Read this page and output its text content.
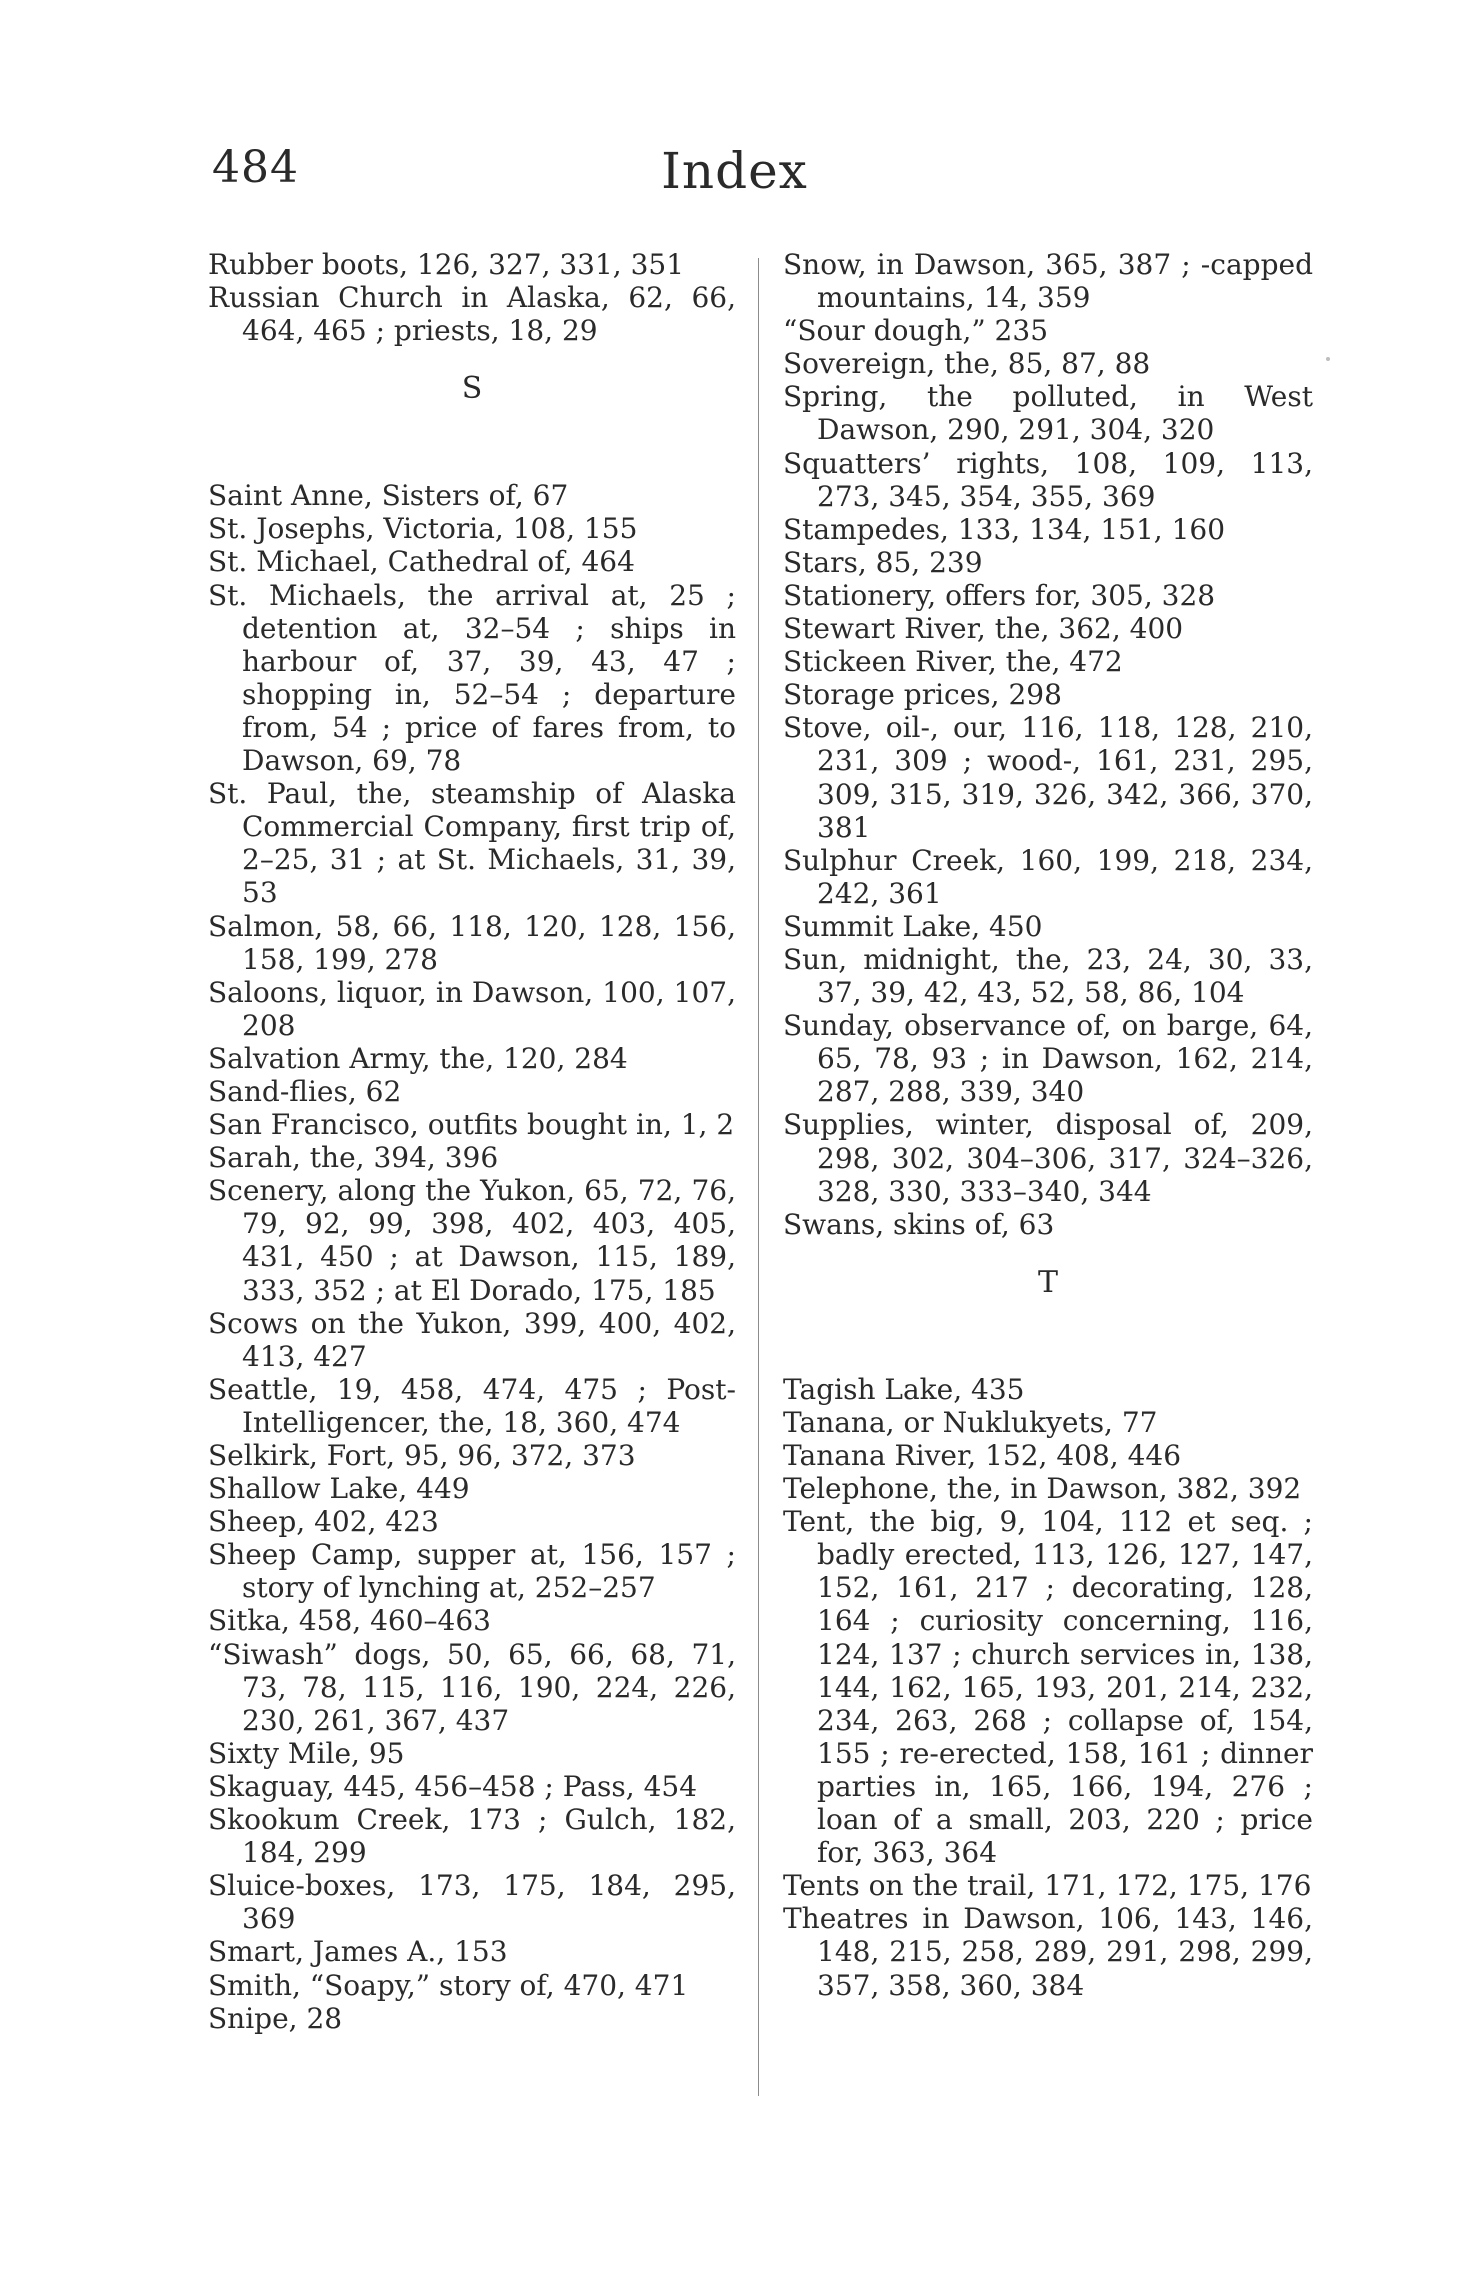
484	Index
Rubber boots, 126, 327, 331, 351
Russian Church in Alaska, 62, 66, 464, 465 ; priests, 18, 29
S
Saint Anne, Sisters of, 67
St. Josephs, Victoria, 108, 155
St. Michael, Cathedral of, 464
St. Michaels, the arrival at, 25 ; detention at, 32–54 ; ships in harbour of, 37, 39, 43, 47 ; shopping in, 52–54 ; departure from, 54 ; price of fares from, to Dawson, 69, 78
St. Paul, the, steamship of Alaska Commercial Company, first trip of, 2–25, 31 ; at St. Michaels, 31, 39, 53
Salmon, 58, 66, 118, 120, 128, 156, 158, 199, 278
Saloons, liquor, in Dawson, 100, 107, 208
Salvation Army, the, 120, 284
Sand-flies, 62
San Francisco, outfits bought in, 1, 2
Sarah, the, 394, 396
Scenery, along the Yukon, 65, 72, 76, 79, 92, 99, 398, 402, 403, 405, 431, 450 ; at Dawson, 115, 189, 333, 352 ; at El Dorado, 175, 185
Scows on the Yukon, 399, 400, 402, 413, 427
Seattle, 19, 458, 474, 475 ; Post-Intelligencer, the, 18, 360, 474
Selkirk, Fort, 95, 96, 372, 373
Shallow Lake, 449
Sheep, 402, 423
Sheep Camp, supper at, 156, 157 ; story of lynching at, 252–257
Sitka, 458, 460–463
“Siwash” dogs, 50, 65, 66, 68, 71, 73, 78, 115, 116, 190, 224, 226, 230, 261, 367, 437
Sixty Mile, 95
Skaguay, 445, 456–458 ; Pass, 454
Skookum Creek, 173 ; Gulch, 182, 184, 299
Sluice-boxes, 173, 175, 184, 295, 369
Smart, James A., 153
Smith, “Soapy,” story of, 470, 471
Snipe, 28
Snow, in Dawson, 365, 387 ; -capped mountains, 14, 359
“Sour dough,” 235
Sovereign, the, 85, 87, 88
Spring, the polluted, in West Dawson, 290, 291, 304, 320
Squatters’ rights, 108, 109, 113, 273, 345, 354, 355, 369
Stampedes, 133, 134, 151, 160
Stars, 85, 239
Stationery, offers for, 305, 328
Stewart River, the, 362, 400
Stickeen River, the, 472
Storage prices, 298
Stove, oil-, our, 116, 118, 128, 210, 231, 309 ; wood-, 161, 231, 295, 309, 315, 319, 326, 342, 366, 370, 381
Sulphur Creek, 160, 199, 218, 234, 242, 361
Summit Lake, 450
Sun, midnight, the, 23, 24, 30, 33, 37, 39, 42, 43, 52, 58, 86, 104
Sunday, observance of, on barge, 64, 65, 78, 93 ; in Dawson, 162, 214, 287, 288, 339, 340
Supplies, winter, disposal of, 209, 298, 302, 304–306, 317, 324–326, 328, 330, 333–340, 344
Swans, skins of, 63
T
Tagish Lake, 435
Tanana, or Nuklukyets, 77
Tanana River, 152, 408, 446
Telephone, the, in Dawson, 382, 392
Tent, the big, 9, 104, 112 et seq. ; badly erected, 113, 126, 127, 147, 152, 161, 217 ; decorating, 128, 164 ; curiosity concerning, 116, 124, 137 ; church services in, 138, 144, 162, 165, 193, 201, 214, 232, 234, 263, 268 ; collapse of, 154, 155 ; re-erected, 158, 161 ; dinner parties in, 165, 166, 194, 276 ; loan of a small, 203, 220 ; price for, 363, 364
Tents on the trail, 171, 172, 175, 176
Theatres in Dawson, 106, 143, 146, 148, 215, 258, 289, 291, 298, 299, 357, 358, 360, 384
